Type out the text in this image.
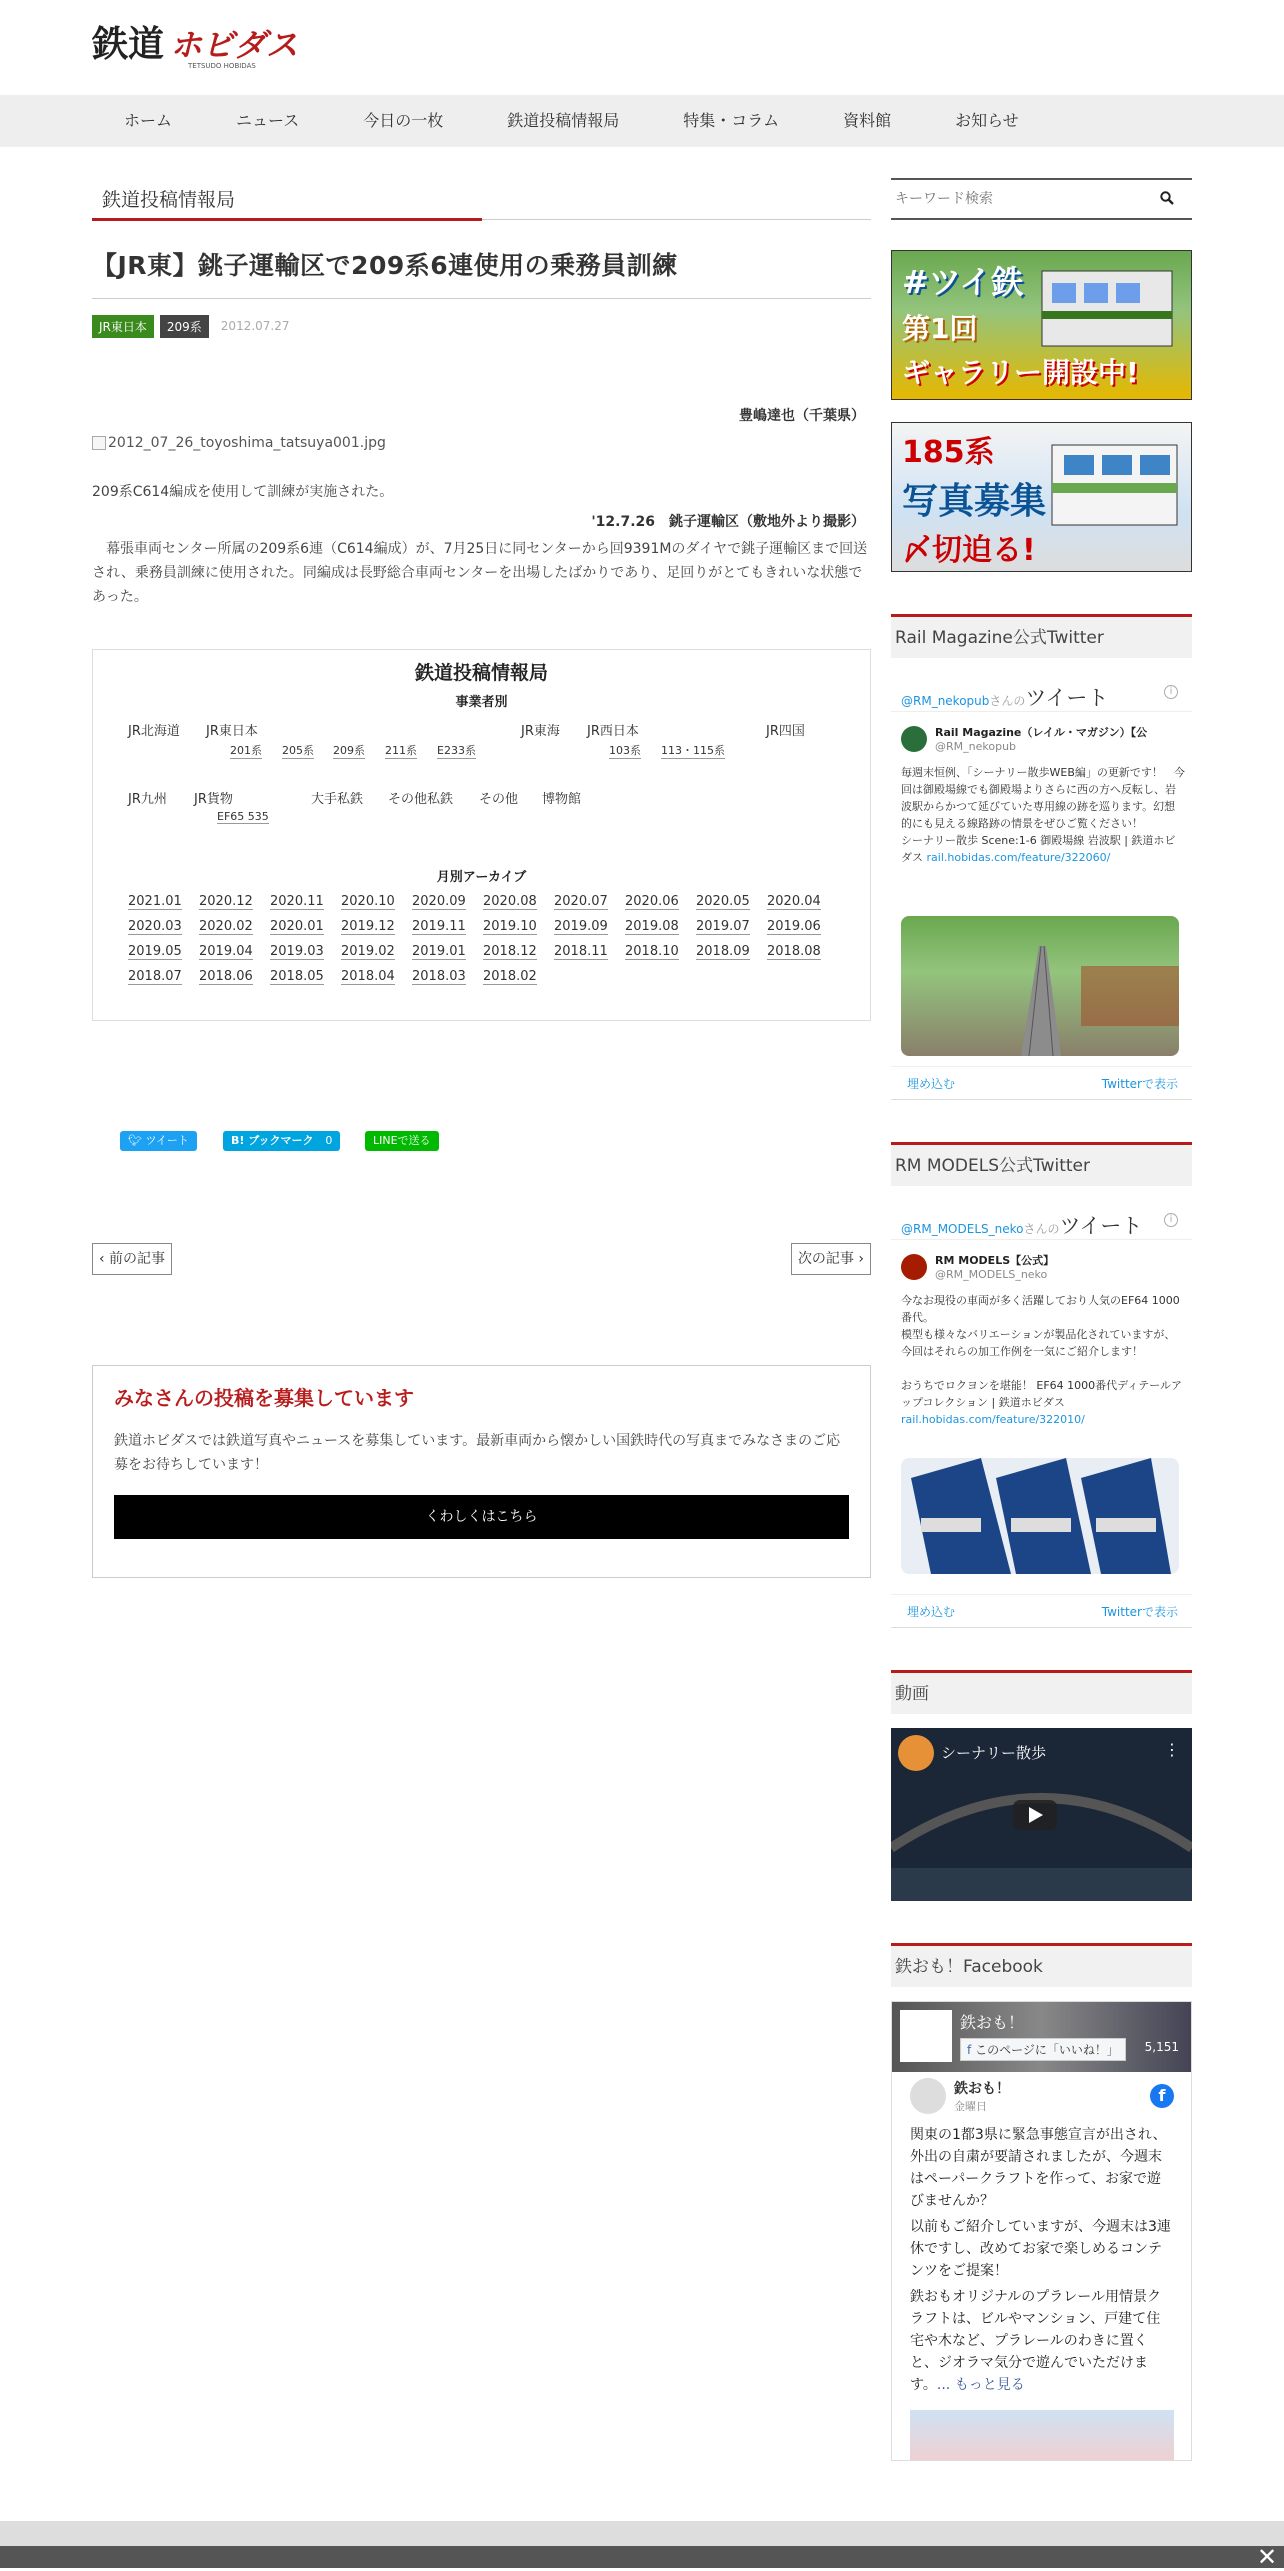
鉄道 ホビダス
TETSUDO HOBIDAS
ホーム	ニュース	今日の一枚	鉄道投稿情報局	特集・コラム	資料館	お知らせ
鉄道投稿情報局
【JR東】銚子運輸区で209系6連使用の乗務員訓練
JR東日本	209系	2012.07.27
豊嶋達也（千葉県）
2012_07_26_toyoshima_tatsuya001.jpg

209系C614編成を使用して訓練が実施された。

'12.7.26　銚子運輸区（敷地外より撮影）

幕張車両センター所属の209系6連（C614編成）が、7月25日に同センターから回9391Mのダイヤで銚子運輸区まで回送され、乗務員訓練に使用された。同編成は長野総合車両センターを出場したばかりであり、足回りがとてもきれいな状態であった。

鉄道投稿情報局
事業者別
JR北海道 JR東日本	JR東海 JR西日本	JR四国
201系 205系 209系 211系 E233系	103系 113・115系
JR九州 JR貨物	大手私鉄 その他私鉄 その他 博物館
EF65 535
月別アーカイブ
2021.01 2020.12 2020.11 2020.10 2020.09 2020.08 2020.07 2020.06 2020.05 2020.04
2020.03 2020.02 2020.01 2019.12 2019.11 2019.10 2019.09 2019.08 2019.07 2019.06
2019.05 2019.04 2019.03 2019.02 2019.01 2018.12 2018.11 2018.10 2018.09 2018.08
2018.07 2018.06 2018.05 2018.04 2018.03 2018.02
🐦︎ ツイート	B! ブックマーク 0	LINEで送る
‹ 前の記事	次の記事 ›
みなさんの投稿を募集しています

鉄道ホビダスでは鉄道写真やニュースを募集しています。最新車両から懐かしい国鉄時代の写真までみなさまのご応募をお待ちしています！

くわしくはこちら
キーワード検索
#ツイ鉄
第1回
ギャラリー開設中!
185系
写真募集
〆切迫る!
Rail Magazine公式Twitter
@RM_nekopubさんのツイート	i
Rail Magazine（レイル・マガジン）【公
@RM_nekopub
毎週末恒例、「シーナリー散歩WEB編」の更新です！　今回は御殿場線でも御殿場よりさらに西の方へ反転し、岩波駅からかつて延びていた専用線の跡を巡ります。幻想的にも見える線路跡の情景をぜひご覧ください！
シーナリー散歩 Scene:1-6 御殿場線 岩波駅 | 鉄道ホビダス rail.hobidas.com/feature/322060/
埋め込む	Twitterで表示
RM MODELS公式Twitter
@RM_MODELS_nekoさんのツイート	i
RM MODELS【公式】
@RM_MODELS_neko
今なお現役の車両が多く活躍しており人気のEF64 1000番代。
模型も様々なバリエーションが製品化されていますが、今回はそれらの加工作例を一気にご紹介します！

おうちでロクヨンを堪能！ EF64 1000番代ディテールアップコレクション | 鉄道ホビダス
rail.hobidas.com/feature/322010/
埋め込む	Twitterで表示
動画
シーナリー散歩	⋮
鉄おも！Facebook
鉄おも！
f このページに「いいね！」	5,151
鉄おも！
金曜日
f

関東の1都3県に緊急事態宣言が出され、外出の自粛が要請されましたが、今週末はペーパークラフトを作って、お家で遊びませんか？

以前もご紹介していますが、今週末は3連休ですし、改めてお家で楽しめるコンテンツをご提案！

鉄おもオリジナルのプラレール用情景クラフトは、ビルやマンション、戸建て住宅や木など、プラレールのわきに置くと、ジオラマ気分で遊んでいただけます。... もっと見る

✕
